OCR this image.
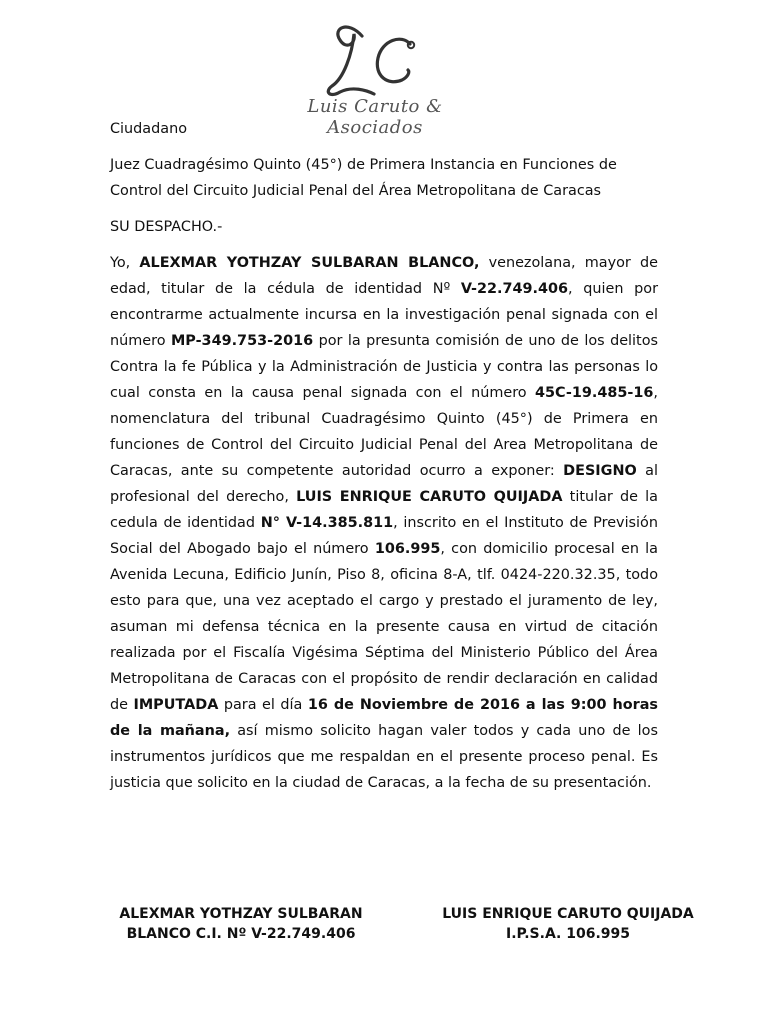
Luis Caruto & Asociados

Ciudadano

Juez Cuadragésimo Quinto (45°) de Primera Instancia en Funciones de
Control del Circuito Judicial Penal del Área Metropolitana de Caracas

SU DESPACHO.-

Yo, ALEXMAR YOTHZAY SULBARAN BLANCO, venezolana, mayor de edad, titular de la cédula de identidad Nº V-22.749.406, quien por encontrarme actualmente incursa en la investigación penal signada con el número MP-349.753-2016 por la presunta comisión de uno de los delitos Contra la fe Pública y la Administración de Justicia y contra las personas lo cual consta en la causa penal signada con el número 45C-19.485-16, nomenclatura del tribunal Cuadragésimo Quinto (45°) de Primera en funciones de Control del Circuito Judicial Penal del Area Metropolitana de Caracas, ante su competente autoridad ocurro a exponer: DESIGNO al profesional del derecho, LUIS ENRIQUE CARUTO QUIJADA titular de la cedula de identidad N° V-14.385.811, inscrito en el Instituto de Previsión Social del Abogado bajo el número 106.995, con domicilio procesal en la Avenida Lecuna, Edificio Junín, Piso 8, oficina 8-A, tlf. 0424-220.32.35, todo esto para que, una vez aceptado el cargo y prestado el juramento de ley, asuman mi defensa técnica en la presente causa en virtud de citación realizada por el Fiscalía Vigésima Séptima del Ministerio Público del Área Metropolitana de Caracas con el propósito de rendir declaración en calidad de IMPUTADA para el día 16 de Noviembre de 2016 a las 9:00 horas de la mañana, así mismo solicito hagan valer todos y cada uno de los instrumentos jurídicos que me respaldan en el presente proceso penal. Es justicia que solicito en la ciudad de Caracas, a la fecha de su presentación.

ALEXMAR YOTHZAY SULBARAN
BLANCO C.I. Nº V-22.749.406
LUIS ENRIQUE CARUTO QUIJADA
I.P.S.A. 106.995
